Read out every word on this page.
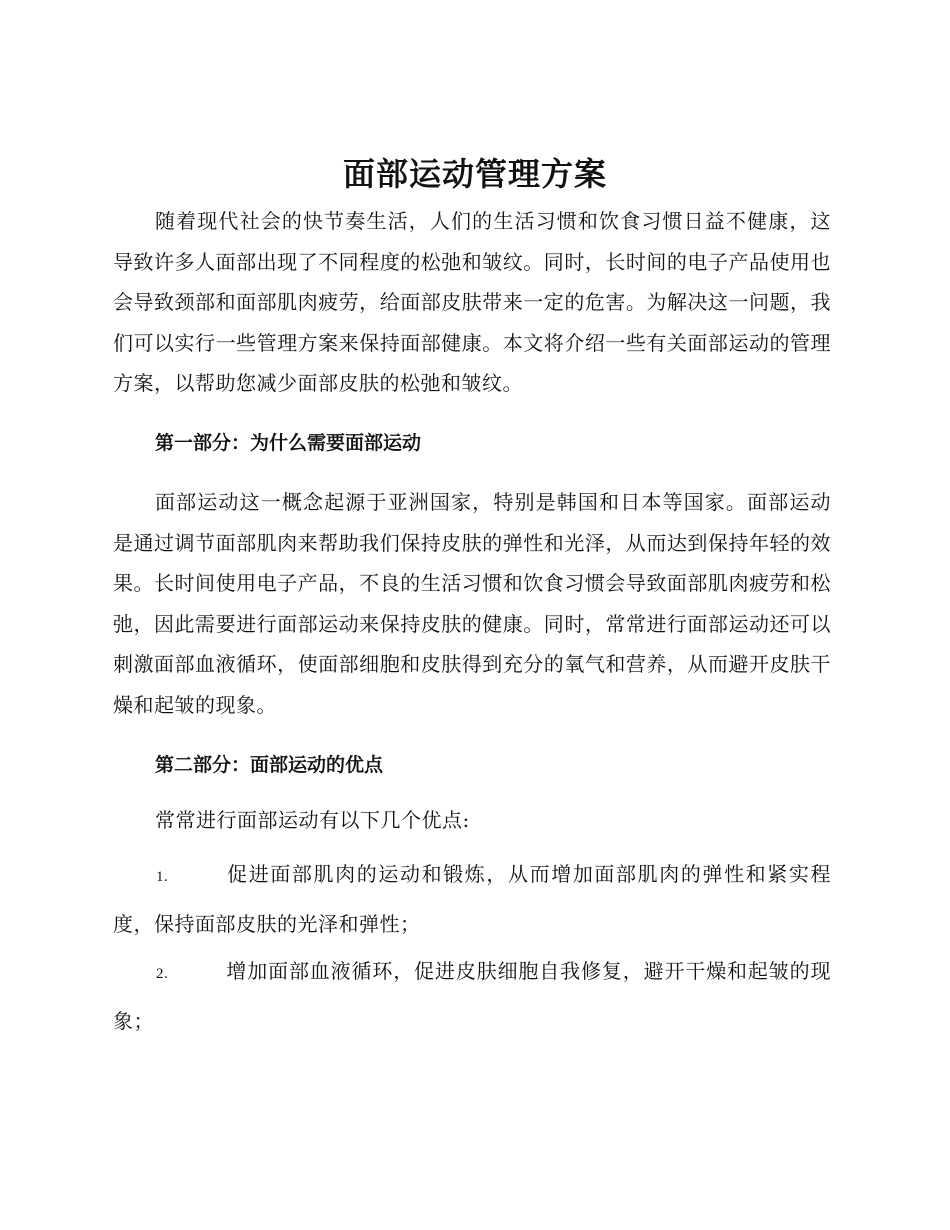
面部运动管理方案

随着现代社会的快节奏生活，人们的生活习惯和饮食习惯日益不健康，这导致许多人面部出现了不同程度的松弛和皱纹。同时，长时间的电子产品使用也会导致颈部和面部肌肉疲劳，给面部皮肤带来一定的危害。为解决这一问题，我们可以实行一些管理方案来保持面部健康。本文将介绍一些有关面部运动的管理方案，以帮助您减少面部皮肤的松弛和皱纹。

第一部分：为什么需要面部运动

面部运动这一概念起源于亚洲国家，特别是韩国和日本等国家。面部运动是通过调节面部肌肉来帮助我们保持皮肤的弹性和光泽，从而达到保持年轻的效果。长时间使用电子产品，不良的生活习惯和饮食习惯会导致面部肌肉疲劳和松弛，因此需要进行面部运动来保持皮肤的健康。同时，常常进行面部运动还可以刺激面部血液循环，使面部细胞和皮肤得到充分的氧气和营养，从而避开皮肤干燥和起皱的现象。

第二部分：面部运动的优点

常常进行面部运动有以下几个优点:

1.	促进面部肌肉的运动和锻炼，从而增加面部肌肉的弹性和紧实程度，保持面部皮肤的光泽和弹性；
2.	增加面部血液循环，促进皮肤细胞自我修复，避开干燥和起皱的现象；
